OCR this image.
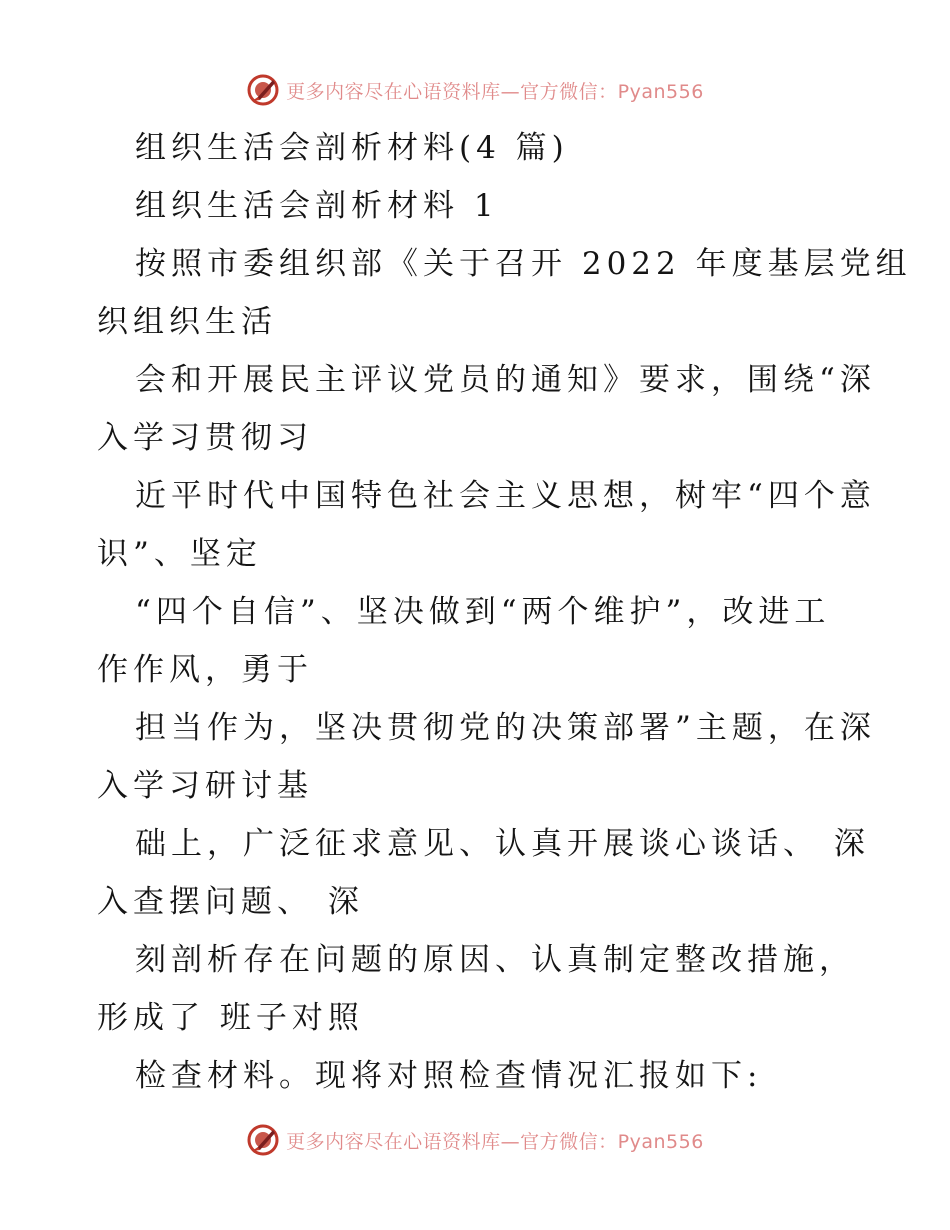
更多内容尽在心语资料库—官方微信：Pyan556
组织生活会剖析材料(4 篇)
组织生活会剖析材料 1
按照市委组织部《关于召开 2022 年度基层党组
织组织生活
会和开展民主评议党员的通知》要求，围绕“深
入学习贯彻习
近平时代中国特色社会主义思想，树牢“四个意
识”、坚定
“四个自信”、坚决做到“两个维护”，改进工
作作风，勇于
担当作为，坚决贯彻党的决策部署”主题，在深
入学习研讨基
础上，广泛征求意见、认真开展谈心谈话、 深
入查摆问题、 深
刻剖析存在问题的原因、认真制定整改措施，
形成了 班子对照
检查材料。现将对照检查情况汇报如下:
更多内容尽在心语资料库—官方微信：Pyan556
